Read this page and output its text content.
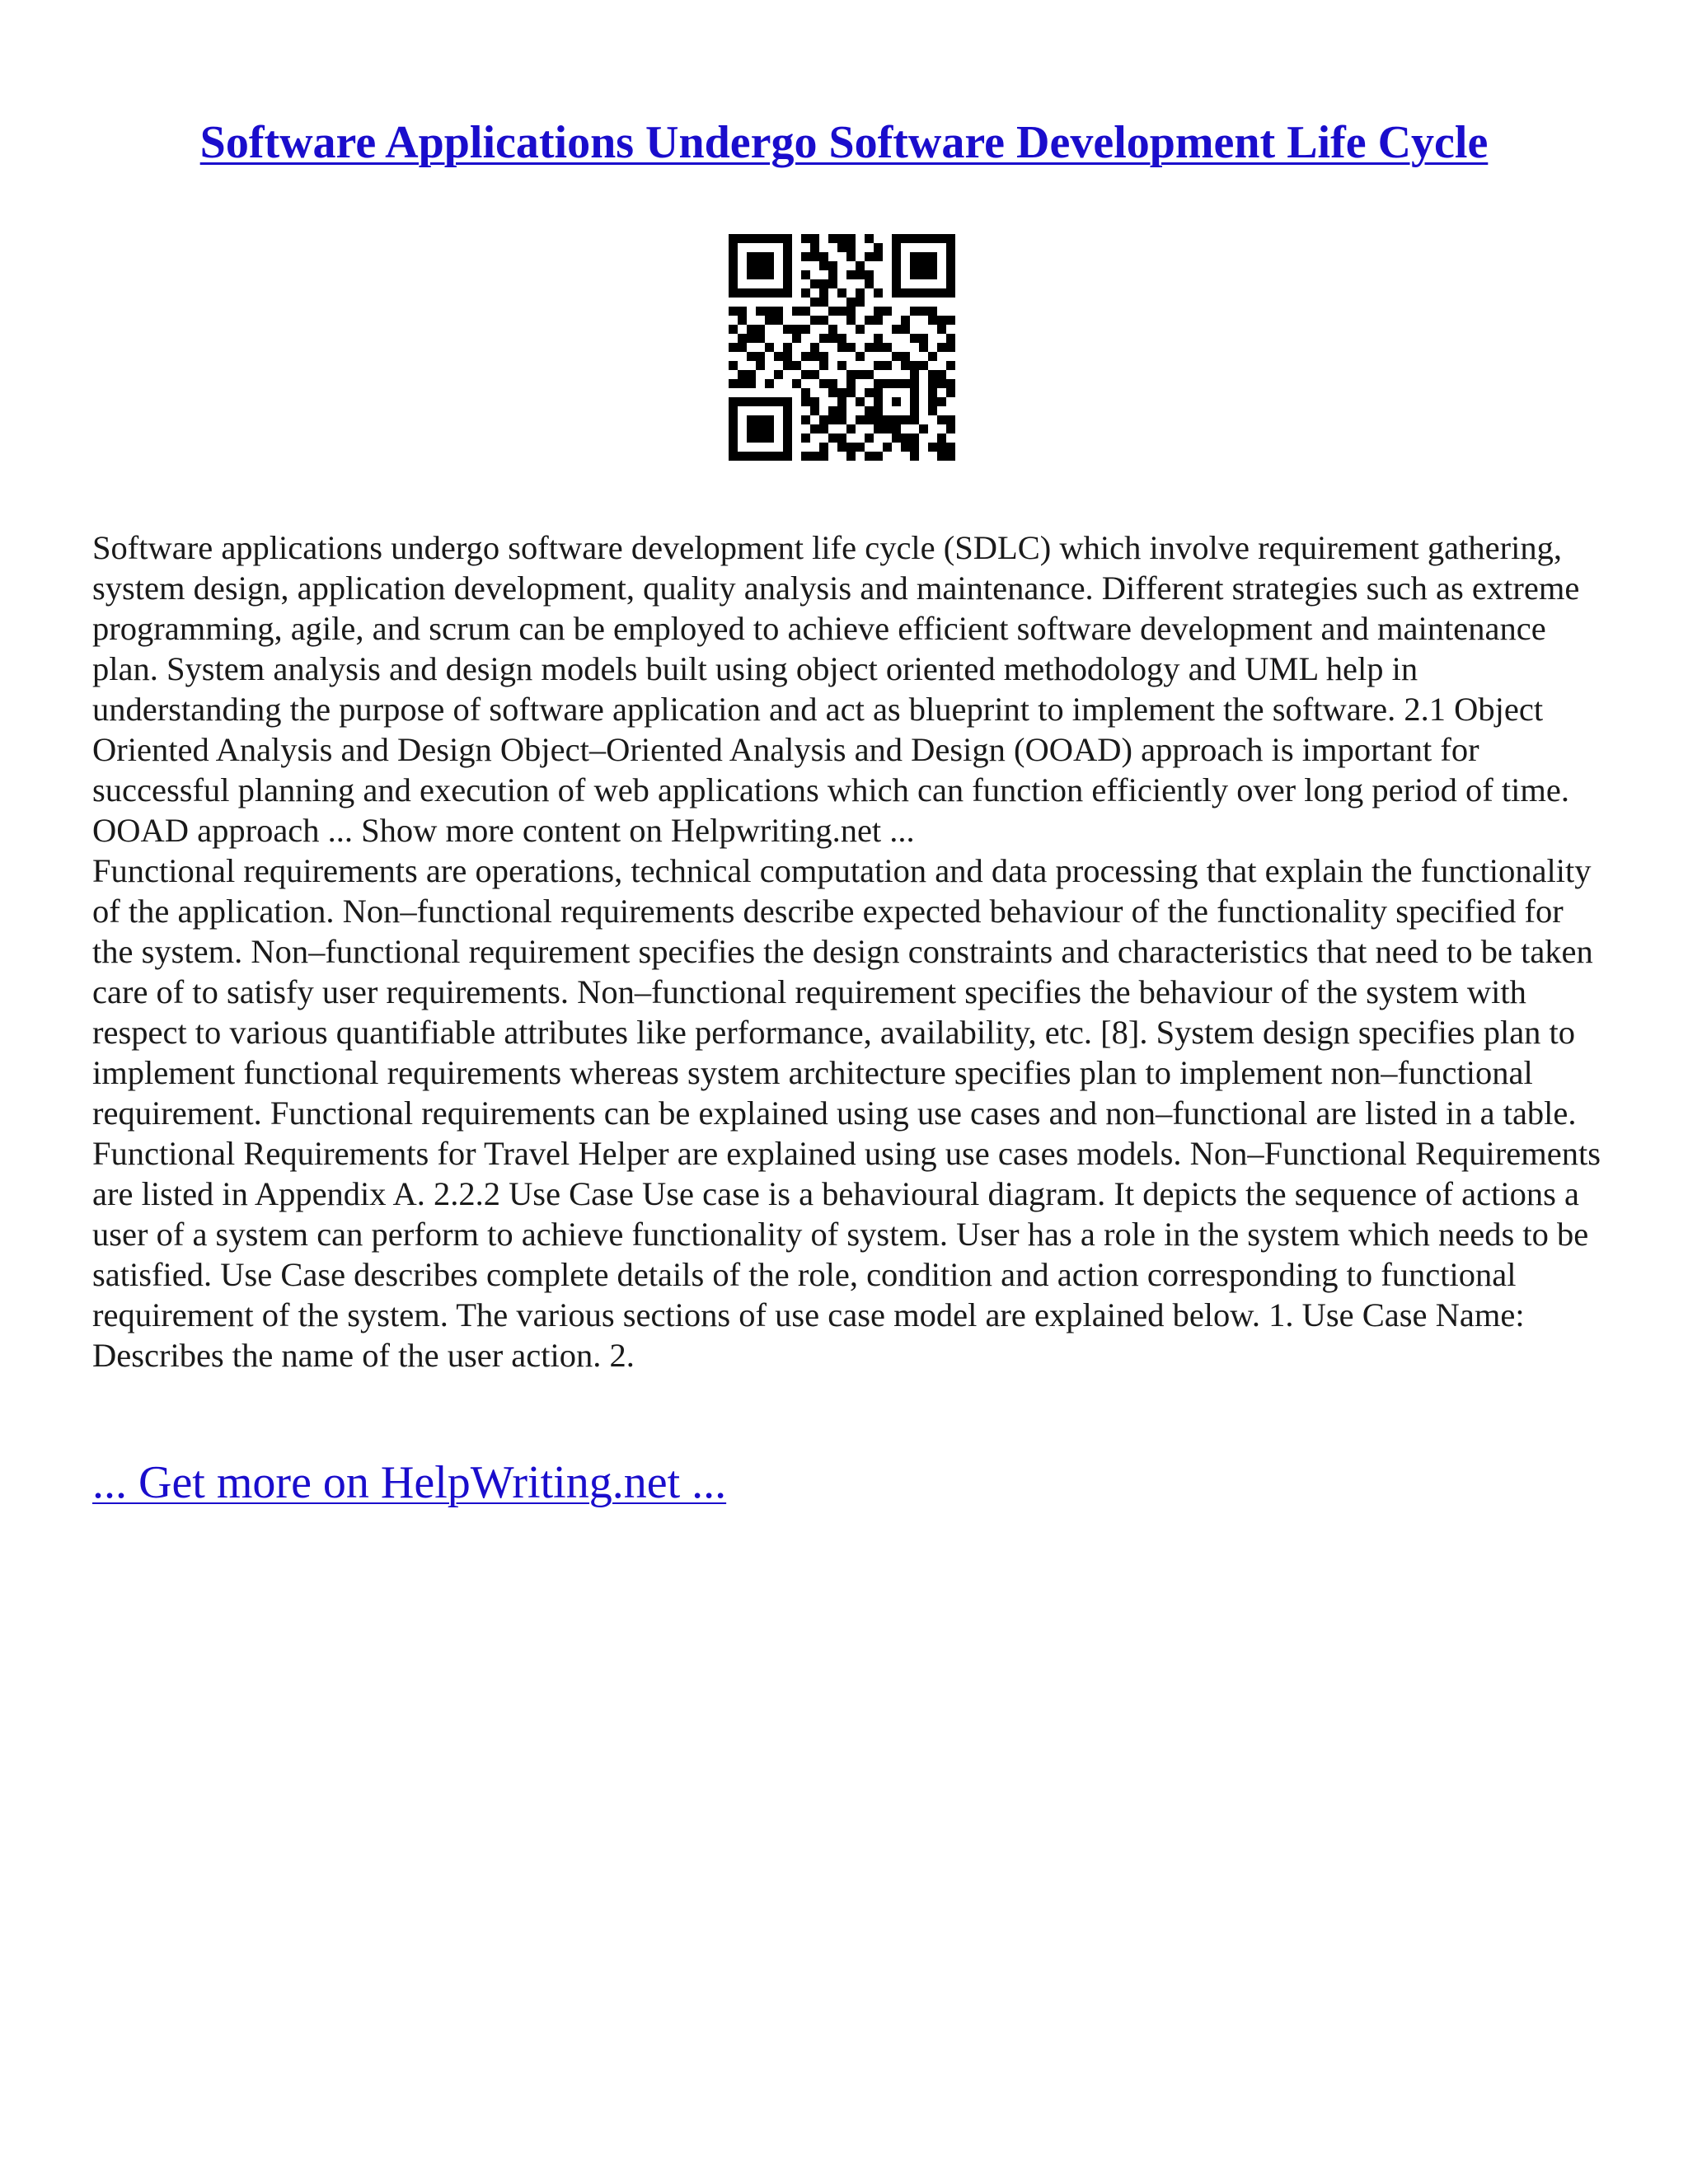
Software Applications Undergo Software Development Life Cycle

Software applications undergo software development life cycle (SDLC) which involve requirement gathering, system design, application development, quality analysis and maintenance. Different strategies such as extreme programming, agile, and scrum can be employed to achieve efficient software development and maintenance plan. System analysis and design models built using object oriented methodology and UML help in understanding the purpose of software application and act as blueprint to implement the software. 2.1 Object Oriented Analysis and Design Object–Oriented Analysis and Design (OOAD) approach is important for successful planning and execution of web applications which can function efficiently over long period of time. OOAD approach ... Show more content on Helpwriting.net ...

Functional requirements are operations, technical computation and data processing that explain the functionality of the application. Non–functional requirements describe expected behaviour of the functionality specified for the system. Non–functional requirement specifies the design constraints and characteristics that need to be taken care of to satisfy user requirements. Non–functional requirement specifies the behaviour of the system with respect to various quantifiable attributes like performance, availability, etc. [8]. System design specifies plan to implement functional requirements whereas system architecture specifies plan to implement non–functional requirement. Functional requirements can be explained using use cases and non–functional are listed in a table. Functional Requirements for Travel Helper are explained using use cases models. Non–Functional Requirements are listed in Appendix A. 2.2.2 Use Case Use case is a behavioural diagram. It depicts the sequence of actions a user of a system can perform to achieve functionality of system. User has a role in the system which needs to be satisfied. Use Case describes complete details of the role, condition and action corresponding to functional requirement of the system. The various sections of use case model are explained below. 1. Use Case Name: Describes the name of the user action. 2.

... Get more on HelpWriting.net ...
